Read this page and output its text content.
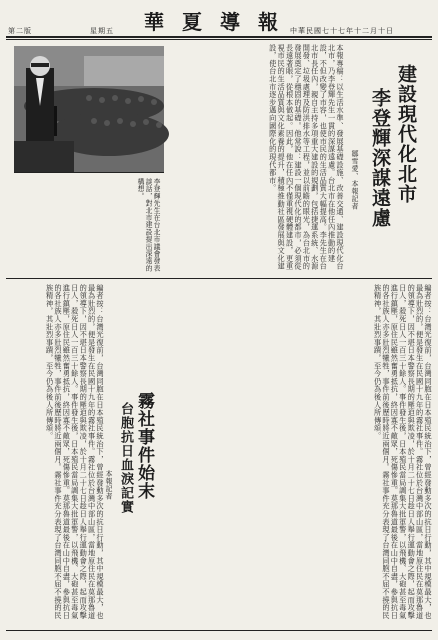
華夏導報
中華民國七十七年十二月十日
星期五
第二版
建設現代化北市
李登輝深謀遠慮
鄒雪愛、本報記者
本報專稿：以生活水準、發展基礎設施、改善交通、建設現代化台北市，乃李登輝先生一貫的深謀遠慮。台北市在他任內推動的建設，不但改變了市容，也使市民的生活品質大幅提高。李先生在台北市長任內，親自主持多項重大建設的規劃，包括捷運系統、水源開發、垃圾處理及防洪排水等工程，並以前瞻的眼光，為台北市的發展奠定了穩固的基礎。他常說：建設一個現代化的都市，必須從長遠著眼，從根本做起。因此，他在任內不僅重視硬體建設，更重視市民的生活品質與文化素養的提升，積極推動社區發展與文化建設，使台北市逐步邁向國際化的現代都市。
李登輝先生在台北市議會發表談話，對北市建設提出深遠的構想。
霧社事件始末
台胞抗日血淚記實
本報記者	編者按：台灣光復前，台灣同胞在日本殖民統治下，曾經發動多次的抗日行動，其中規模最大，也最為壯烈的，便是發生在民國十九年的霧社事件。霧社位於台灣中部山區，當地原住民在莫那魯道的領導下，因不堪日本警察長期的壓迫與欺凌，於十月二十七日趁日人舉行運動會之際，起而攻擊日人，殺死日人一百三十餘人。事件發生後，日本殖民當局調集大批軍警，以飛機、大砲甚至毒氣進行鎮壓，原住民雖然奮勇抵抗，終因寡不敵眾，死傷慘重。莫那魯道最後在山中自盡，參與抗日的各社族人亦多壯烈犧牲，事件前後歷時將近兩個月。霧社事件充分表現了台灣同胞不屈不撓的民族精神，其壯烈事蹟，至今仍為後人所傳頌。
編者按：台灣光復前，台灣同胞在日本殖民統治下，曾經發動多次的抗日行動，其中規模最大，也最為壯烈的，便是發生在民國十九年的霧社事件。霧社位於台灣中部山區，當地原住民在莫那魯道的領導下，因不堪日本警察長期的壓迫與欺凌，於十月二十七日趁日人舉行運動會之際，起而攻擊日人，殺死日人一百三十餘人。事件發生後，日本殖民當局調集大批軍警，以飛機、大砲甚至毒氣進行鎮壓，原住民雖然奮勇抵抗，終因寡不敵眾，死傷慘重。莫那魯道最後在山中自盡，參與抗日的各社族人亦多壯烈犧牲，事件前後歷時將近兩個月。霧社事件充分表現了台灣同胞不屈不撓的民族精神，其壯烈事蹟，至今仍為後人所傳頌。
